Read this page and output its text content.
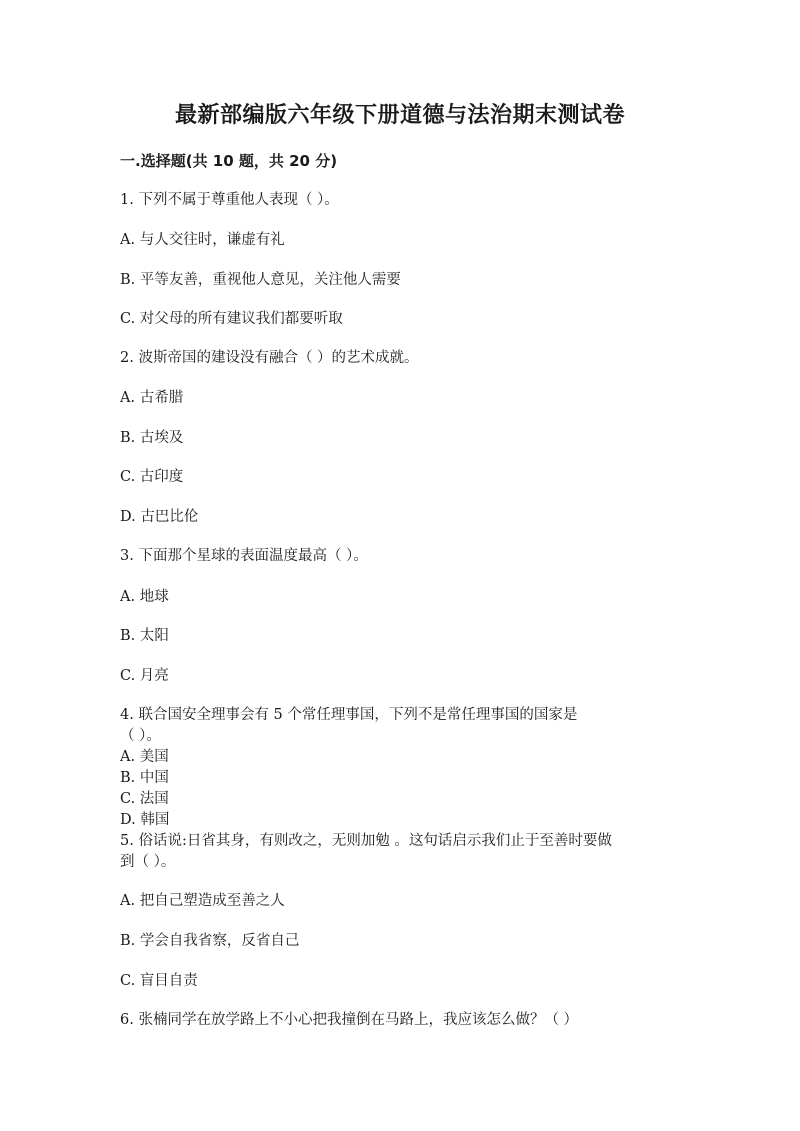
最新部编版六年级下册道德与法治期末测试卷
一.选择题(共 10 题，共 20 分)
1. 下列不属于尊重他人表现（ ）。
A. 与人交往时，谦虚有礼
B. 平等友善，重视他人意见，关注他人需要
C. 对父母的所有建议我们都要听取
2. 波斯帝国的建设没有融合（ ）的艺术成就。
A. 古希腊
B. 古埃及
C. 古印度
D. 古巴比伦
3. 下面那个星球的表面温度最高（ ）。
A. 地球
B. 太阳
C. 月亮
4. 联合国安全理事会有 5 个常任理事国，下列不是常任理事国的国家是
（ ）。
A. 美国
B. 中国
C. 法国
D. 韩国
5. 俗话说:日省其身，有则改之，无则加勉 。这句话启示我们止于至善时要做
到（ ）。
A. 把自己塑造成至善之人
B. 学会自我省察，反省自己
C. 盲目自责
6. 张楠同学在放学路上不小心把我撞倒在马路上，我应该怎么做？（ ）
